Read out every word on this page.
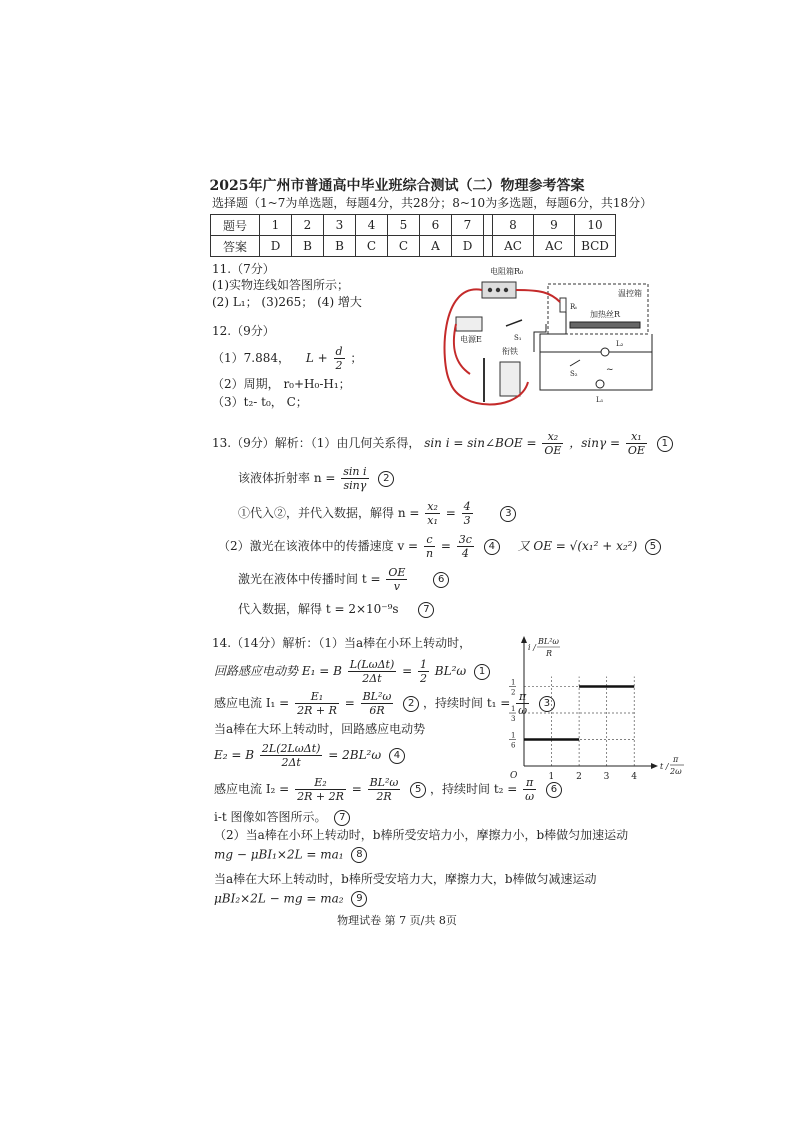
2025年广州市普通高中毕业班综合测试（二）物理参考答案
选择题（1~7为单选题，每题4分，共28分；8~10为多选题，每题6分，共18分）
题号	1	2	3	4	5	6	7		8	9	10
答案	D	B	B	C	C	A	D		AC	AC	BCD
11.（7分）
(1)实物连线如答图所示；
(2) L₁； (3)265； (4) 增大
12.（9分）
（1）7.884， $L + \frac{d}{2}$ ；
（2）周期， r₀+H₀-H₁；
（3）t₂- t₀， C；
电阻箱R₀
温控箱
Rₜ
加热丝R
电源E	S₁
衔铁
L₂
L₁
S₂	~
13.（9分）解析：（1）由几何关系得， sin i = sin∠BOE = $\frac{\text{x₂}}{OE}$ ，$\sin\gamma = \frac{\text{x₁}}{OE} 1$
该液体折射率 $n = \frac{\text{sin i}}{\sin\gamma} 2$
①代入②，并代入数据，解得 $n = \frac{\text{x₂}}{\text{x₁}} = \frac{4}{3}$	3
（2）激光在该液体中的传播速度 $v = \frac{c}{n} = \frac{3c}{4} 4$ 又 OE = √(x₁² + x₂²) 5
激光在液体中传播时间 $t = \frac{OE}{v}$	6
代入数据，解得 t = 2×10⁻⁹s 7
14.（14分）解析：（1）当a棒在小环上转动时，
回路感应电动势 E₁ = B $\frac{\text{L(LωΔt)}}{2\Delta t} = \frac{1}{2} BL^2\omega$ 1
感应电流 $I_1 = \frac{\text{E₁}}{2R + R} = \frac{\text{BL²ω}}{6R} 2$ ，持续时间 $t_1 = \frac{\pi}{\omega} 3$
当a棒在大环上转动时，回路感应电动势
E₂ = B $\frac{\text{2L(2LωΔt)}}{2\Delta t} = 2BL^2\omega$ 4
感应电流 $I_2 = \frac{\text{E₂}}{2R + 2R} = \frac{\text{BL²ω}}{2R} 5$ ，持续时间 $t_2 = \frac{\pi}{\omega} 6$
i-t 图像如答图所示。 7
（2）当a棒在小环上转动时，b棒所受安培力小，摩擦力小，b棒做匀加速运动
mg − μBI₁×2L = ma₁ 8
当a棒在大环上转动时，b棒所受安培力大，摩擦力大，b棒做匀减速运动
μBI₂×2L − mg = ma₂ 9
1 2 3 4
1
6
1
3
1
2
O
i /
BL²ω
R
t /
π
2ω
物理试卷 第 7 页/共 8页
